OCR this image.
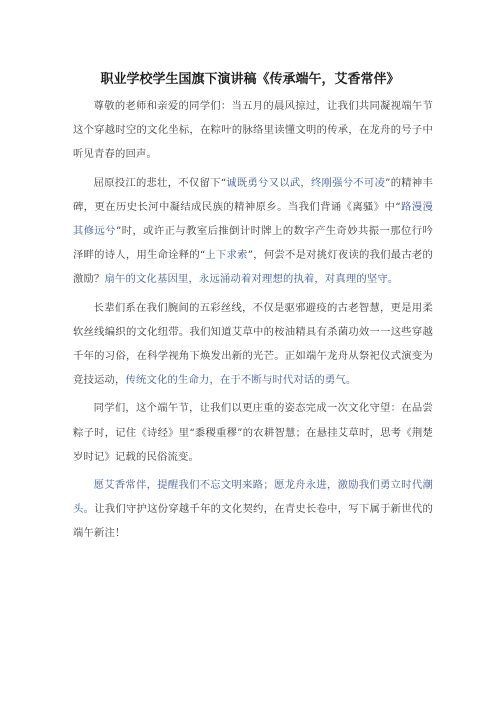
职业学校学生国旗下演讲稿《传承端午，艾香常伴》

尊敬的老师和亲爱的同学们：当五月的晨风掠过，让我们共同凝视端午节这个穿越时空的文化坐标，在粽叶的脉络里读懂文明的传承，在龙舟的号子中听见青春的回声。

屈原投江的悲壮，不仅留下“诚既勇兮又以武，终刚强兮不可凌”的精神丰碑，更在历史长河中凝结成民族的精神原乡。当我们背诵《离骚》中“路漫漫其修远兮”时，或许正与教室后推倒计时牌上的数字产生奇妙共振一那位行吟泽畔的诗人，用生命诠释的“上下求索”，何尝不是对挑灯夜读的我们最古老的激励？扇午的文化基因里，永远涌动着对理想的执着，对真理的坚守。

长辈们系在我们腕间的五彩丝线，不仅是驱邪避疫的古老智慧，更是用柔软丝线编织的文化纽带。我们知道艾草中的桉油精具有杀菌功效一一这些穿越千年的习俗，在科学视角下焕发出新的光芒。正如端午龙舟从祭祀仪式演变为竞技运动，传统文化的生命力，在于不断与时代对话的勇气。

同学们，这个端午节，让我们以更庄重的姿态完成一次文化守望：在品尝粽子时，记住《诗经》里“黍稷重穋”的农耕智慧；在悬挂艾草时，思考《荆楚岁时记》记载的民俗流变。

愿艾香常伴，提醒我们不忘文明来路；愿龙舟永进，激励我们勇立时代潮头。让我们守护这份穿越千年的文化契约，在青史长卷中，写下属于新世代的端午新注！
